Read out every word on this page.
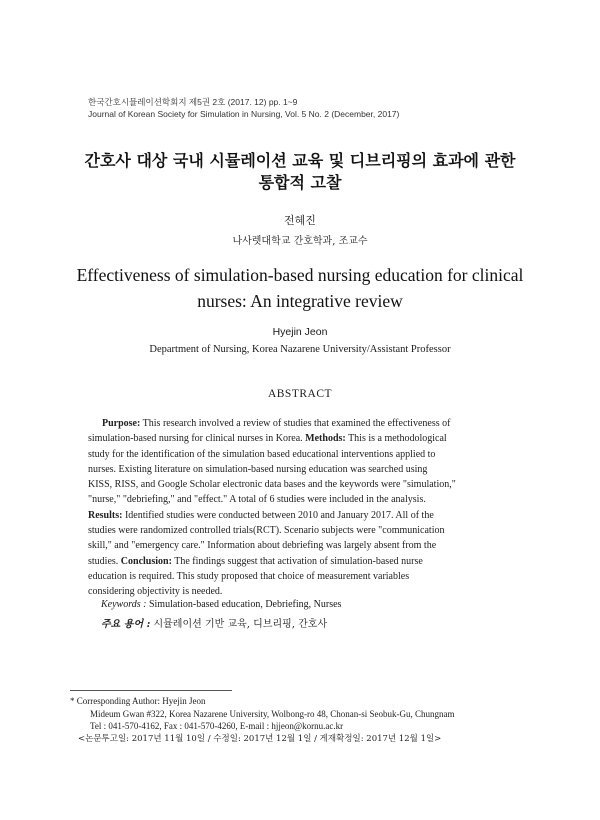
한국간호시뮬레이션학회지 제5권 2호 (2017. 12) pp. 1~9
Journal of Korean Society for Simulation in Nursing, Vol. 5 No. 2 (December, 2017)
간호사 대상 국내 시뮬레이션 교육 및 디브리핑의 효과에 관한
통합적 고찰
전혜진
나사렛대학교 간호학과, 조교수
Effectiveness of simulation-based nursing education for clinical
nurses: An integrative review
Hyejin Jeon
Department of Nursing, Korea Nazarene University/Assistant Professor
ABSTRACT
Purpose: This research involved a review of studies that examined the effectiveness of
simulation-based nursing for clinical nurses in Korea. Methods: This is a methodological
study for the identification of the simulation based educational interventions applied to
nurses. Existing literature on simulation-based nursing education was searched using
KISS, RISS, and Google Scholar electronic data bases and the keywords were "simulation,"
"nurse," "debriefing," and "effect." A total of 6 studies were included in the analysis.
Results: Identified studies were conducted between 2010 and January 2017. All of the
studies were randomized controlled trials(RCT). Scenario subjects were "communication
skill," and "emergency care." Information about debriefing was largely absent from the
studies. Conclusion: The findings suggest that activation of simulation-based nurse
education is required. This study proposed that choice of measurement variables
considering objectivity is needed.
Keywords : Simulation-based education, Debriefing, Nurses
주요 용어 : 시뮬레이션 기반 교육, 디브리핑, 간호사
* Corresponding Author: Hyejin Jeon
Mideum Gwan #322, Korea Nazarene University, Wolbong-ro 48, Chonan-si Seobuk-Gu, Chungnam
Tel : 041-570-4162, Fax : 041-570-4260, E-mail : hjjeon@kornu.ac.kr
<논문투고일: 2017년 11월 10일 / 수정일: 2017년 12월 1일 / 게재확정일: 2017년 12월 1일>
